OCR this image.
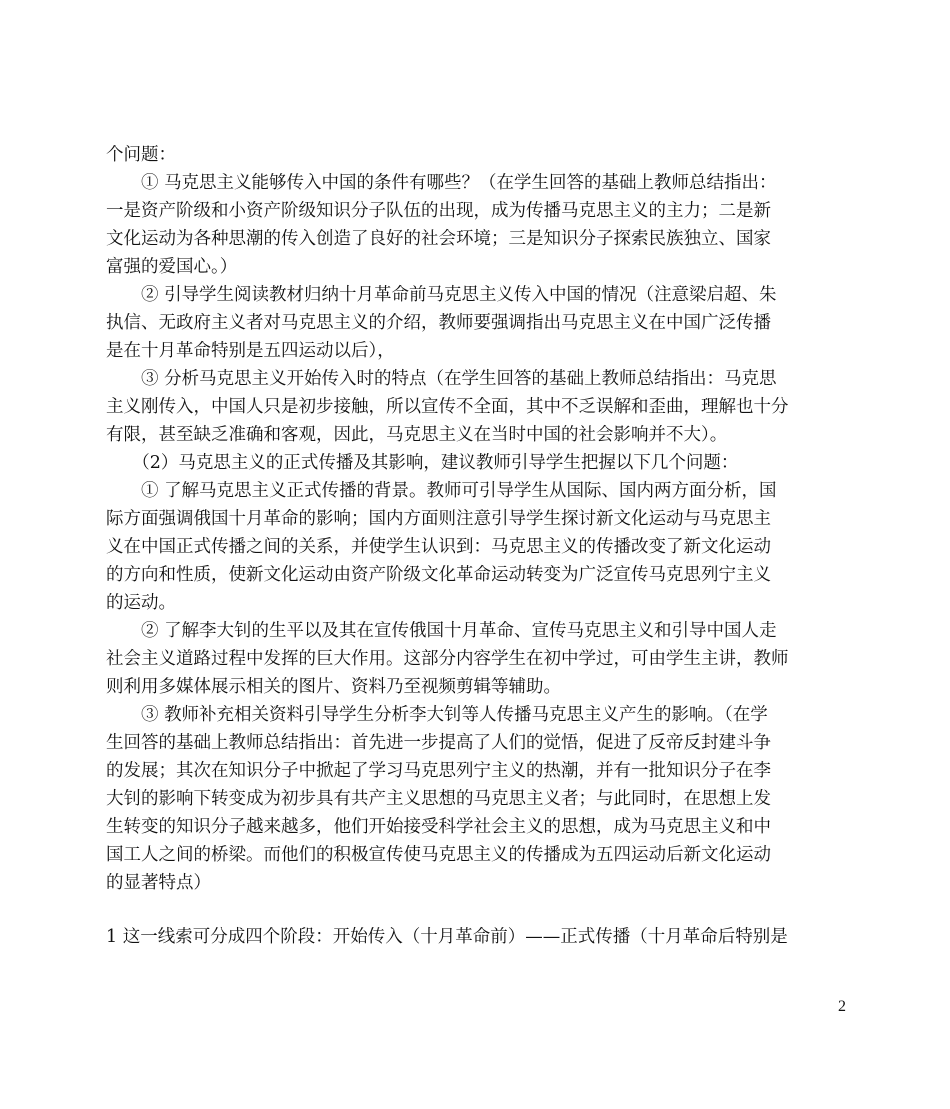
个问题：
　　① 马克思主义能够传入中国的条件有哪些？（在学生回答的基础上教师总结指出：
一是资产阶级和小资产阶级知识分子队伍的出现，成为传播马克思主义的主力；二是新
文化运动为各种思潮的传入创造了良好的社会环境；三是知识分子探索民族独立、国家
富强的爱国心。）
　　② 引导学生阅读教材归纳十月革命前马克思主义传入中国的情况（注意梁启超、朱
执信、无政府主义者对马克思主义的介绍，教师要强调指出马克思主义在中国广泛传播
是在十月革命特别是五四运动以后），
　　③ 分析马克思主义开始传入时的特点（在学生回答的基础上教师总结指出：马克思
主义刚传入，中国人只是初步接触，所以宣传不全面，其中不乏误解和歪曲，理解也十分
有限，甚至缺乏准确和客观，因此，马克思主义在当时中国的社会影响并不大）。
　　（2）马克思主义的正式传播及其影响，建议教师引导学生把握以下几个问题：
　　① 了解马克思主义正式传播的背景。教师可引导学生从国际、国内两方面分析，国
际方面强调俄国十月革命的影响；国内方面则注意引导学生探讨新文化运动与马克思主
义在中国正式传播之间的关系，并使学生认识到：马克思主义的传播改变了新文化运动
的方向和性质，使新文化运动由资产阶级文化革命运动转变为广泛宣传马克思列宁主义
的运动。
　　② 了解李大钊的生平以及其在宣传俄国十月革命、宣传马克思主义和引导中国人走
社会主义道路过程中发挥的巨大作用。这部分内容学生在初中学过，可由学生主讲，教师
则利用多媒体展示相关的图片、资料乃至视频剪辑等辅助。
　　③ 教师补充相关资料引导学生分析李大钊等人传播马克思主义产生的影响。（在学
生回答的基础上教师总结指出：首先进一步提高了人们的觉悟，促进了反帝反封建斗争
的发展；其次在知识分子中掀起了学习马克思列宁主义的热潮，并有一批知识分子在李
大钊的影响下转变成为初步具有共产主义思想的马克思主义者；与此同时，在思想上发
生转变的知识分子越来越多，他们开始接受科学社会主义的思想，成为马克思主义和中
国工人之间的桥梁。而他们的积极宣传使马克思主义的传播成为五四运动后新文化运动
的显著特点）
1 这一线索可分成四个阶段：开始传入（十月革命前）——正式传播（十月革命后特别是
2
